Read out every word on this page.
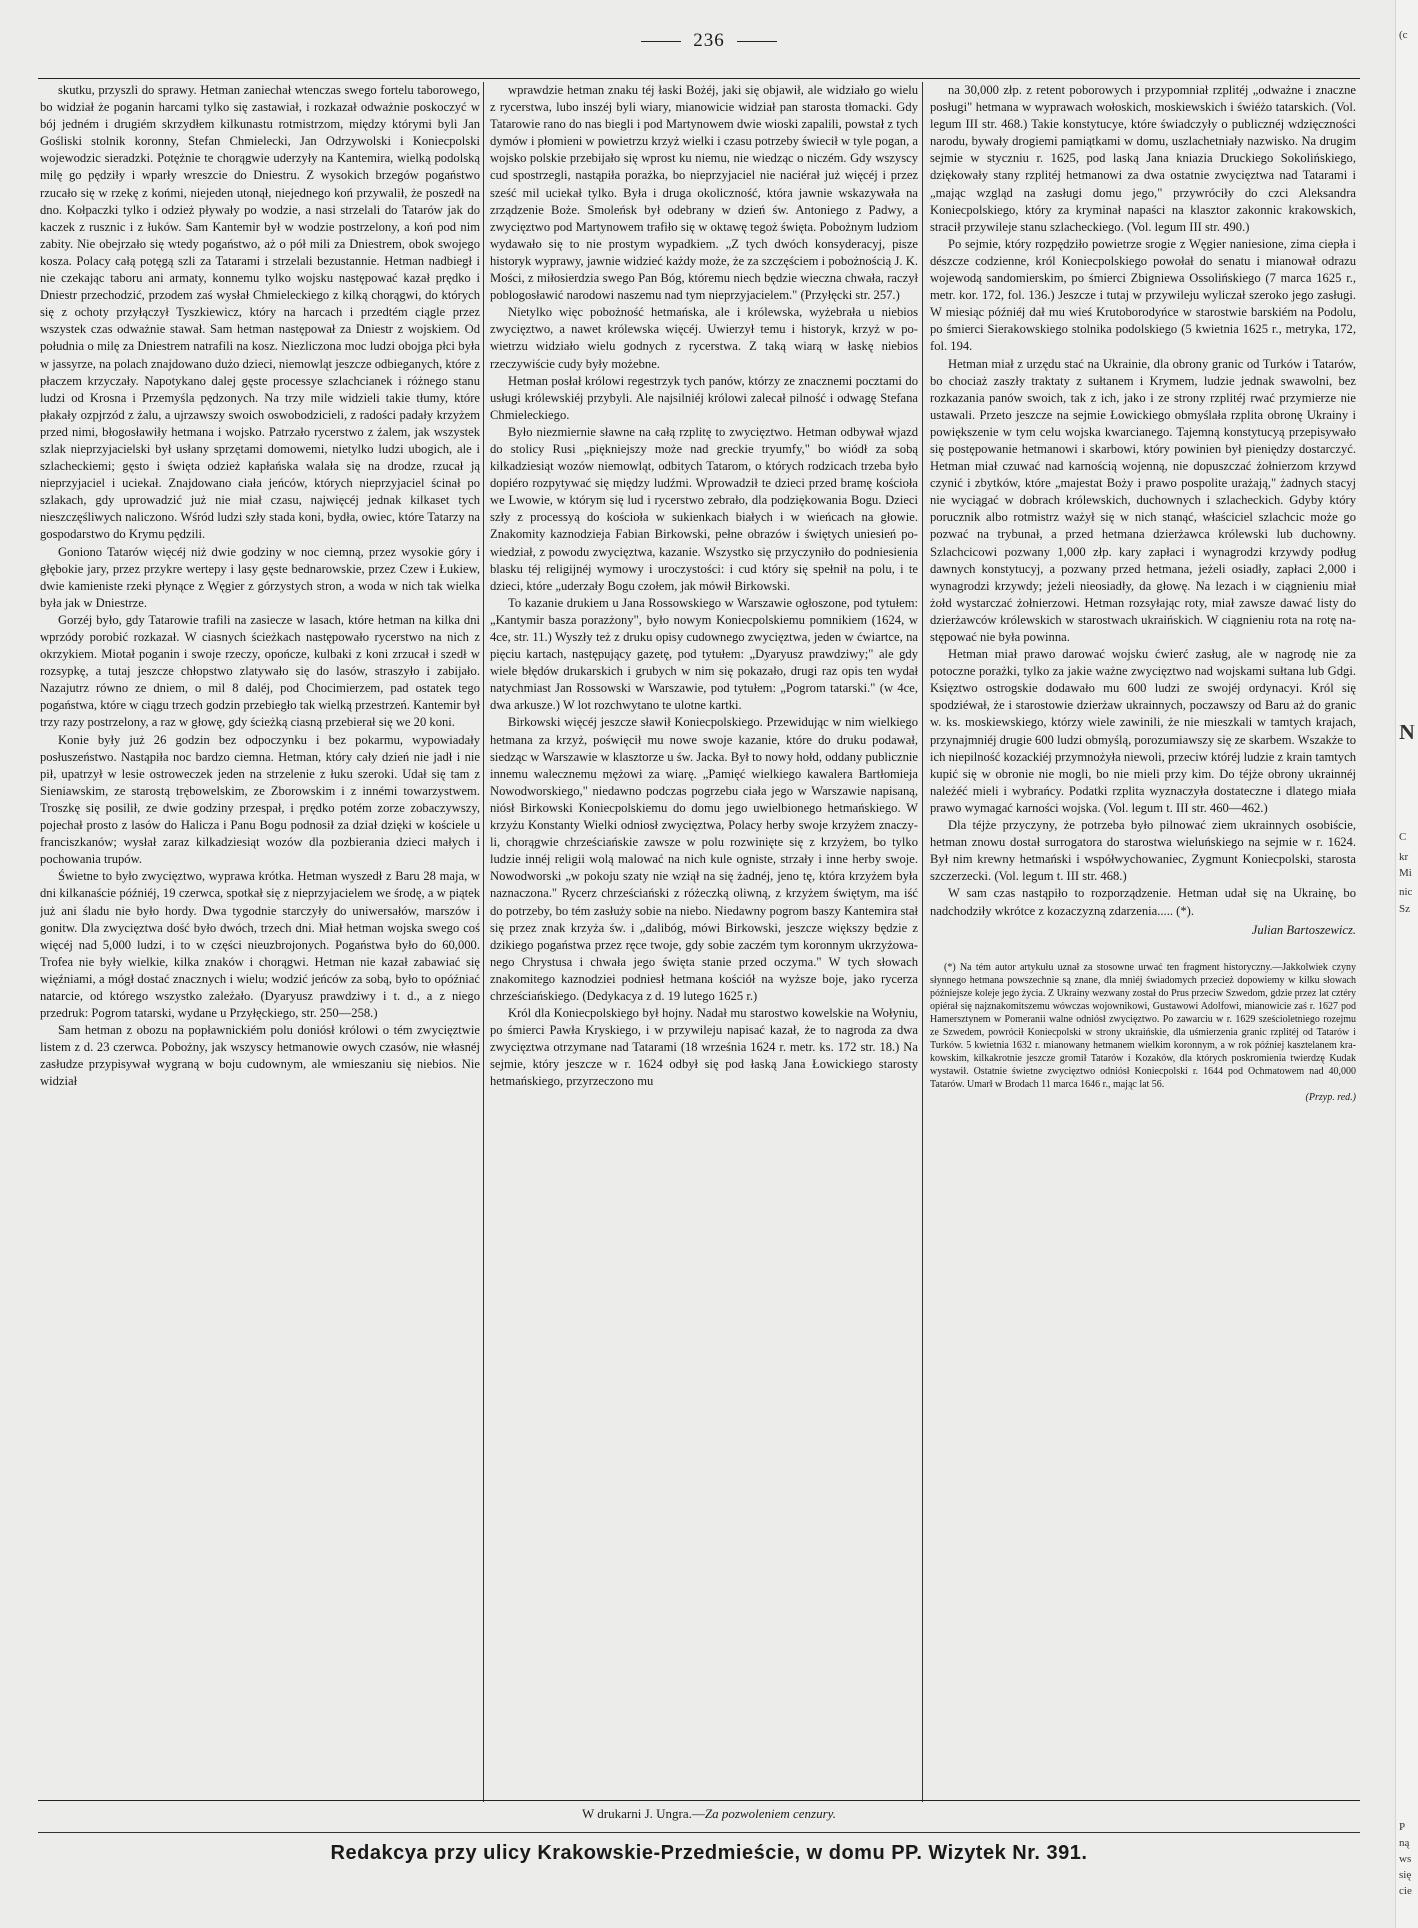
236

skutku, przyszli do sprawy. Hetman zaniechał wtenczas swego fortelu taborowego, bo widział że poganin harcami tylko się zastawiał, i rozkazał odważnie poskoczyć w bój jedném i drugiém skrzydłem kilkunastu rotmistrzom, między którymi byli Jan Gośliski stolnik koronny, Stefan Chmielecki, Jan Odrzywolski i Koniecpolski wojewodzic sieradzki. Potężnie te chorągwie uderzyły na Kantemira, wielką podolską milę go pędziły i wparły wreszcie do Dniestru. Z wysokich brzegów pogaństwo rzucało się w rzekę z końmi, niejeden utonął, niejednego koń przywalił, że poszedł na dno. Kołpaczki tylko i odzież pływały po wodzie, a nasi strzelali do Tatarów jak do kaczek z rusznic i z łuków. Sam Kantemir był w wodzie postrzelony, a koń pod nim zabity. Nie obejrzało się wtedy pogaństwo, aż o pół mili za Dniestrem, obok swojego kosza. Polacy całą potęgą szli za Tatarami i strzelali bezustannie. Hetman nadbiegł i nie czekając taboru ani armaty, konnemu tylko wojsku następować kazał prędko i Dniestr przechodzić, przodem zaś wysłał Chmieleckiego z kilką chorągwi, do których się z ochoty przyłączył Tyszkiewicz, który na harcach i przedtém ciągle przez wszystek czas odważnie stawał. Sam hetman następował za Dniestr z wojskiem. Od południa o milę za Dniestrem natrafili na kosz. Niezliczona moc ludzi obojga płci była w jassyrze, na polach znajdowano dużo dzieci, niemowląt jeszcze odbieganych, które z płaczem krzyczały. Napotykano dalej gęste processye szlachcianek i różnego stanu ludzi od Krosna i Przemyśla pędzonych. Na trzy mile widzieli takie tłumy, które płakały ozpjrzód z żalu, a ujrzawszy swoich oswobodzicieli, z radości padały krzyżem przed nimi, błogosławiły hetmana i wojsko. Patrzało rycerstwo z żalem, jak wszystek szlak nieprzyjacielski był usłany sprzętami domowemi, nietylko ludzi ubogich, ale i szlacheckiemi; gęsto i święta odzież kapłańska walała się na drodze, rzucał ją nieprzyjaciel i uciekał. Znajdowano ciała jeńców, których nieprzyjaciel ścinał po szlakach, gdy uprowadzić już nie miał czasu, najwięcéj jednak kilkaset tych nieszczęśliwych naliczono. Wśród ludzi szły stada koni, bydła, owiec, które Tatarzy na gospodarstwo do Krymu pędzili.

Goniono Tatarów więcéj niż dwie godziny w noc ciemną, przez wysokie góry i głębokie jary, przez przykre wertepy i lasy gęste bednarowskie, przez Czew i Łukiew, dwie kamieniste rzeki płynące z Węgier z górzystych stron, a woda w nich tak wielka była jak w Dniestrze.

Gorzéj było, gdy Tatarowie trafili na zasiecze w lasach, które hetman na kilka dni wprzódy porobić rozkazał. W ciasnych ścieżkach następowało rycerstwo na nich z okrzykiem. Miotał poganin i swoje rzeczy, opończe, kulbaki z koni zrzucał i szedł w rozsypkę, a tutaj jeszcze chłopstwo zlatywało się do lasów, straszyło i zabijało. Nazajutrz równo ze dniem, o mil 8 daléj, pod Chocimierzem, pad ostatek tego pogaństwa, które w ciągu trzech godzin przebiegło tak wielką przestrzeń. Kantemir był trzy razy postrzelony, a raz w głowę, gdy ścieżką ciasną przebierał się we 20 koni.

Konie były już 26 godzin bez odpoczynku i bez pokarmu, wypowiadały posłuszeństwo. Nastąpiła noc bardzo ciemna. Hetman, który cały dzień nie jadł i nie pił, upatrzył w lesie ostroweczek jeden na strzelenie z łuku szeroki. Udał się tam z Sieniawskim, ze starostą trębowelskim, ze Zborowskim i z innémi towarzystwem. Troszkę się posilił, ze dwie godziny przespał, i prędko potém zorze zobaczywszy, pojechał prosto z lasów do Halicza i Panu Bogu podnosił za dział dzięki w kościele u franciszkanów; wysłał zaraz kilkadziesiąt wozów dla pozbierania dzieci małych i pochowania trupów.

Świetne to było zwycięztwo, wyprawa krótka. Hetman wyszedł z Baru 28 maja, w dni kilkanaście późniéj, 19 czerwca, spotkał się z nieprzyjacielem we środę, a w piątek już ani śladu nie było hordy. Dwa tygodnie starczyły do uniwersałów, marszów i gonitw. Dla zwycięztwa dość było dwóch, trzech dni. Miał hetman wojska swego coś więcéj nad 5,000 ludzi, i to w części nieuzbrojonych. Pogaństwa było do 60,000. Trofea nie były wielkie, kilka znaków i chorągwi. Hetman nie kazał zabawiać się więźniami, a mógł dostać znacznych i wielu; wodzić jeńców za sobą, było to opóźniać natarcie, od którego wszystko zależało. (Dyaryusz prawdziwy i t. d., a z niego przedruk: Pogrom tatarski, wydane u Przyłęckiego, str. 250—258.)

Sam hetman z obozu na popławnickiém polu doniósł królowi o tém zwycięztwie listem z d. 23 czerwca. Pobożny, jak wszyscy hetmanowie owych czasów, nie własnéj zasłudze przypisywał wygraną w boju cudownym, ale wmieszaniu się niebios. Nie widział

wprawdzie hetman znaku téj łaski Bożéj, jaki się objawił, ale widziało go wielu z rycerstwa, lubo inszéj byli wiary, mianowicie widział pan starosta tłomacki. Gdy Tatarowie rano do nas biegli i pod Martynowem dwie wioski zapalili, powstał z tych dymów i płomieni w powietrzu krzyż wielki i czasu potrzeby świecił w tyle pogan, a wojsko polskie przebijało się wprost ku niemu, nie wiedząc o niczém. Gdy wszyscy cud spostrzegli, nastąpiła porażka, bo nieprzyjaciel nie naciérał już więcéj i przez sześć mil uciekał tylko. Była i druga okoliczność, która jawnie wskazywała na zrządzenie Boże. Smoleńsk był odebrany w dzień św. Antoniego z Padwy, a zwycięztwo pod Martynowem trafiło się w oktawę tegoż święta. Pobożnym ludziom wydawało się to nie prostym wypadkiem. „Z tych dwóch konsyderacyj, pisze historyk wyprawy, jawnie widzieć każdy może, że za szczęściem i pobożnością J. K. Mości, z miłosierdzia swego Pan Bóg, któremu niech będzie wieczna chwała, raczył poblogosławić narodowi naszemu nad tym nieprzyjacielem." (Przyłęcki str. 257.)

Nietylko więc pobożność hetmańska, ale i królewska, wyżebrała u niebios zwycięztwo, a nawet królewska więcéj. Uwierzył temu i historyk, krzyż w powietrzu widziało wielu godnych z rycerstwa. Z taką wiarą w łaskę niebios rzeczywiście cudy były możebne.

Hetman posłał królowi regestrzyk tych panów, którzy ze znacznemi pocztami do usługi królewskiéj przybyli. Ale najsilniéj królowi zalecał pilność i odwagę Stefana Chmieleckiego.

Było niezmiernie sławne na całą rzplitę to zwycięztwo. Hetman odbywał wjazd do stolicy Rusi „piękniejszy może nad greckie tryumfy," bo wiódł za sobą kilkadziesiąt wozów niemowląt, odbitych Tatarom, o których rodzicach trzeba było dopiéro rozpytywać się między ludźmi. Wprowadził te dzieci przed bramę kościoła we Lwowie, w którym się lud i rycerstwo zebrało, dla podziękowania Bogu. Dzieci szły z processyą do kościoła w sukienkach białych i w wieńcach na głowie. Znakomity kaznodzieja Fabian Birkowski, pełne obrazów i świętych uniesień powiedział, z powodu zwycięztwa, kazanie. Wszystko się przyczyniło do podniesienia blasku téj religijnéj wymowy i uroczystości: i cud który się spełnił na polu, i te dzieci, które „uderzały Bogu czołem, jak mówił Birkowski.

To kazanie drukiem u Jana Rossowskiego w Warszawie ogłoszone, pod tytułem: „Kantymir basza porazżony", było nowym Koniecpolskiemu pomnikiem (1624, w 4ce, str. 11.) Wyszły też z druku opisy cudownego zwycięztwa, jeden w ćwiartce, na pięciu kartach, następujący gazetę, pod tytułem: „Dyaryusz prawdziwy;" ale gdy wiele błędów drukarskich i grubych w nim się pokazało, drugi raz opis ten wydał natychmiast Jan Rossowski w Warszawie, pod tytułem: „Pogrom tatarski." (w 4ce, dwa arkusze.) W lot rozchwytano te ulotne kartki.

Birkowski więcéj jeszcze sławił Koniecpolskiego. Przewidując w nim wielkiego hetmana za krzyż, poświęcił mu nowe swoje kazanie, które do druku podawał, siedząc w Warszawie w klasztorze u św. Jacka. Był to nowy hołd, oddany publicznie innemu walecznemu mężowi za wiarę. „Pamięć wielkiego kawalera Bartłomieja Nowodworskiego," niedawno podczas pogrzebu ciała jego w Warszawie napisaną, niósł Birkowski Koniecpolskiemu do domu jego uwielbionego hetmańskiego. W krzyżu Konstanty Wielki odniosł zwycięztwa, Polacy herby swoje krzyżem znaczyli, chorągwie chrześciańskie zawsze w polu rozwinięte się z krzyżem, bo tylko ludzie innéj religii wolą malować na nich kule ogniste, strzały i inne herby swoje. Nowodworski „w pokoju szaty nie wziął na się żadnéj, jeno tę, która krzyżem była naznaczona." Rycerz chrześciański z różeczką oliwną, z krzyżem świętym, ma iść do potrzeby, bo tém zasłuży sobie na niebo. Niedawny pogrom baszy Kantemira stał się przez znak krzyża św. i „dalibóg, mówi Birkowski, jeszcze większy będzie z dzikiego pogaństwa przez ręce twoje, gdy sobie zaczém tym koronnym ukrzyżowanego Chrystusa i chwała jego święta stanie przed oczyma." W tych słowach znakomitego kaznodziei podniesł hetmana kościół na wyższe boje, jako rycerza chrześciańskiego. (Dedykacya z d. 19 lutego 1625 r.)

Król dla Koniecpolskiego był hojny. Nadał mu starostwo kowelskie na Wołyniu, po śmierci Pawła Kryskiego, i w przywileju napisać kazał, że to nagroda za dwa zwycięztwa otrzymane nad Tatarami (18 września 1624 r. metr. ks. 172 str. 18.) Na sejmie, który jeszcze w r. 1624 odbył się pod łaską Jana Łowickiego starosty hetmańskiego, przyrzeczono mu

na 30,000 złp. z retent poborowych i przypomniał rzplitéj „odważne i znaczne posługi" hetmana w wyprawach wołoskich, moskiewskich i świéżo tatarskich. (Vol. legum III str. 468.) Takie konstytucye, które świadczyły o publicznéj wdzięczności narodu, bywały drogiemi pamiątkami w domu, uszlachetniały nazwisko. Na drugim sejmie w styczniu r. 1625, pod laską Jana kniazia Druckiego Sokolińskiego, dziękowały stany rzplitéj hetmanowi za dwa ostatnie zwycięztwa nad Tatarami i „mając wzgląd na zasługi domu jego," przywróciły do czci Aleksandra Koniecpolskiego, który za kryminał napaści na klasztor zakonnic krakowskich, stracił przywileje stanu szlacheckiego. (Vol. legum III str. 490.)

Po sejmie, który rozpędziło powietrze srogie z Węgier naniesione, zima ciepła i dészcze codzienne, król Koniecpolskiego powołał do senatu i mianował odrazu wojewodą sandomierskim, po śmierci Zbigniewa Ossolińskiego (7 marca 1625 r., metr. kor. 172, fol. 136.) Jeszcze i tutaj w przywileju wyliczał szeroko jego zasługi. W miesiąc późniéj dał mu wieś Krutoborodyńce w starostwie barskiém na Podolu, po śmierci Sierakowskiego stolnika podolskiego (5 kwietnia 1625 r., metryka, 172, fol. 194.

Hetman miał z urzędu stać na Ukrainie, dla obrony granic od Turków i Tatarów, bo chociaż zaszły traktaty z sułtanem i Krymem, ludzie jednak swawolni, bez rozkazania panów swoich, tak z ich, jako i ze strony rzplitéj rwać przymierze nie ustawali. Przeto jeszcze na sejmie Łowickiego obmyślała rzplita obronę Ukrainy i powiększenie w tym celu wojska kwarcianego. Tajemną konstytucyą przepisywało się postępowanie hetmanowi i skarbowi, który powinien był pieniędzy dostarczyć. Hetman miał czuwać nad karnością wojenną, nie dopuszczać żołnierzom krzywd czynić i zbytków, które „majestat Boży i prawo pospolite urażają," żadnych stacyj nie wyciągać w dobrach królewskich, duchownych i szlacheckich. Gdyby który porucznik albo rotmistrz ważył się w nich stanąć, właściciel szlachcic może go pozwać na trybunał, a przed hetmana dzierżawca królewski lub duchowny. Szlachcicowi pozwany 1,000 złp. kary zapłaci i wynagrodzi krzywdy podług dawnych konstytucyj, a pozwany przed hetmana, jeżeli osiadły, zapłaci 2,000 i wynagrodzi krzywdy; jeżeli nieosiadły, da głowę. Na lezach i w ciągnieniu miał żołd wystarczać żołnierzowi. Hetman rozsyłając roty, miał zawsze dawać listy do dzierżawców królewskich w starostwach ukraińskich. W ciągnieniu rota na rotę następować nie była powinna.

Hetman miał prawo darować wojsku ćwierć zasług, ale w nagrodę nie za potoczne porażki, tylko za jakie ważne zwycięztwo nad wojskami sułtana lub Gdgi. Księztwo ostrogskie dodawało mu 600 ludzi ze swojéj ordynacyi. Król się spodziéwał, że i starostowie dzierżaw ukrainnych, poczawszy od Baru aż do granic w. ks. moskiewskiego, którzy wiele zawinili, że nie mieszkali w tamtych krajach, przynajmniéj drugie 600 ludzi obmyślą, porozumiawszy się ze skarbem. Wszakże to ich niepilność kozackiéj przymnożyła niewoli, przeciw któréj ludzie z krain tamtych kupić się w obronie nie mogli, bo nie mieli przy kim. Do téjże obrony ukrainnéj należéć mieli i wybrańcy. Podatki rzplita wyznaczyła dostateczne i dlatego miała prawo wymagać karności wojska. (Vol. legum t. III str. 460—462.)

Dla téjże przyczyny, że potrzeba było pilnować ziem ukrainnych osobiście, hetman znowu dostał surrogatora do starostwa wieluńskiego na sejmie w r. 1624. Był nim krewny hetmański i współwychowaniec, Zygmunt Koniecpolski, starosta szczerzecki. (Vol. legum t. III str. 468.)

W sam czas nastąpiło to rozporządzenie. Hetman udał się na Ukrainę, bo nadchodziły wkrótce z kozaczyzną zdarzenia..... (*).

Julian Bartoszewicz.

(*) Na tém autor artykułu uznał za stosowne urwać ten fragment historyczny.—Jakkolwiek czyny słynnego hetmana powszechnie są znane, dla mniéj świadomych przecież dopowiemy w kilku słowach późniejsze koleje jego życia. Z Ukrainy wezwany został do Prus przeciw Szwedom, gdzie przez lat cztéry opiérał się najznakomitszemu wówczas wojownikowi, Gustawowi Adolfowi, mianowicie zaś r. 1627 pod Hamersztynem w Pomeranii walne odniósł zwycięztwo. Po zawarciu w r. 1629 sześcioletniego rozejmu ze Szwedem, powrócił Koniecpolski w strony ukraińskie, dla uśmierzenia granic rzplitéj od Tatarów i Turków. 5 kwietnia 1632 r. mianowany hetmanem wielkim koronnym, a w rok później kasztelanem krakowskim, kilkakrotnie jeszcze gromił Tatarów i Kozaków, dla których poskromienia twierdzę Kudak wystawił. Ostatnie świetne zwycięztwo odniósł Koniecpolski r. 1644 pod Ochmatowem nad 40,000 Tatarów. Umarł w Brodach 11 marca 1646 r., mając lat 56.

(Przyp. red.)

W drukarni J. Ungra.—Za pozwoleniem cenzury.
Redakcya przy ulicy Krakowskie-Przedmieście, w domu PP. Wizytek Nr. 391.
(c
N
C
kr
Mi
nic
Sz
P
ną
ws
się
cie
